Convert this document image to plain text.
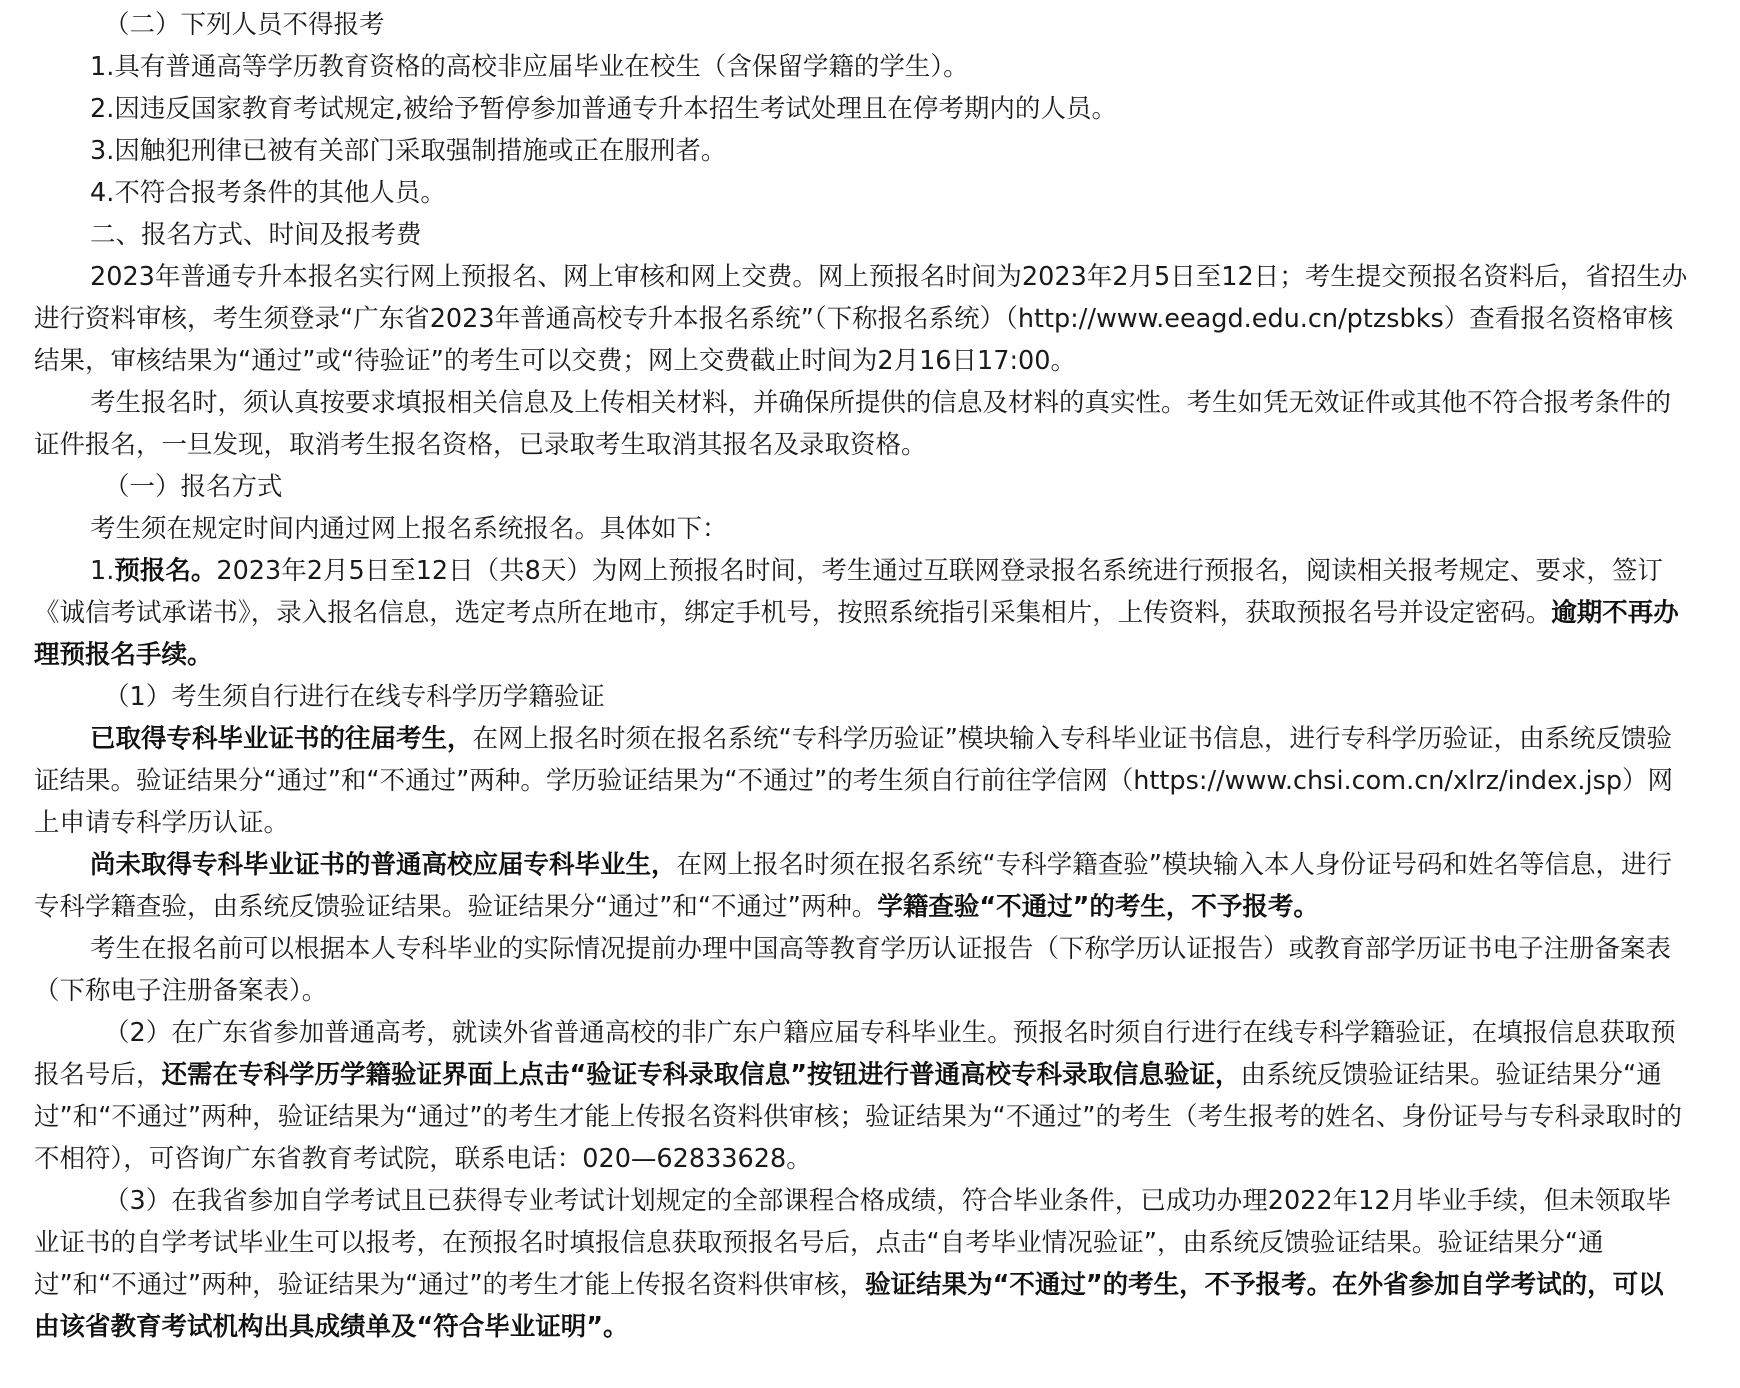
（二）下列人员不得报考

1.具有普通高等学历教育资格的高校非应届毕业在校生（含保留学籍的学生）。

2.因违反国家教育考试规定,被给予暂停参加普通专升本招生考试处理且在停考期内的人员。

3.因触犯刑律已被有关部门采取强制措施或正在服刑者。

4.不符合报考条件的其他人员。

二、报名方式、时间及报考费

2023年普通专升本报名实行网上预报名、网上审核和网上交费。网上预报名时间为2023年2月5日至12日；考生提交预报名资料后，省招生办进行资料审核，考生须登录“广东省2023年普通高校专升本报名系统”（下称报名系统）（http://www.eeagd.edu.cn/ptzsbks）查看报名资格审核结果，审核结果为“通过”或“待验证”的考生可以交费；网上交费截止时间为2月16日17:00。

考生报名时，须认真按要求填报相关信息及上传相关材料，并确保所提供的信息及材料的真实性。考生如凭无效证件或其他不符合报考条件的证件报名，一旦发现，取消考生报名资格，已录取考生取消其报名及录取资格。

（一）报名方式

考生须在规定时间内通过网上报名系统报名。具体如下：

1.预报名。2023年2月5日至12日（共8天）为网上预报名时间，考生通过互联网登录报名系统进行预报名，阅读相关报考规定、要求，签订《诚信考试承诺书》，录入报名信息，选定考点所在地市，绑定手机号，按照系统指引采集相片，上传资料，获取预报名号并设定密码。逾期不再办理预报名手续。

（1）考生须自行进行在线专科学历学籍验证

已取得专科毕业证书的往届考生，在网上报名时须在报名系统“专科学历验证”模块输入专科毕业证书信息，进行专科学历验证，由系统反馈验证结果。验证结果分“通过”和“不通过”两种。学历验证结果为“不通过”的考生须自行前往学信网（https://www.chsi.com.cn/xlrz/index.jsp）网上申请专科学历认证。

尚未取得专科毕业证书的普通高校应届专科毕业生，在网上报名时须在报名系统“专科学籍查验”模块输入本人身份证号码和姓名等信息，进行专科学籍查验，由系统反馈验证结果。验证结果分“通过”和“不通过”两种。学籍查验“不通过”的考生，不予报考。

考生在报名前可以根据本人专科毕业的实际情况提前办理中国高等教育学历认证报告（下称学历认证报告）或教育部学历证书电子注册备案表（下称电子注册备案表）。

（2）在广东省参加普通高考，就读外省普通高校的非广东户籍应届专科毕业生。预报名时须自行进行在线专科学籍验证，在填报信息获取预报名号后，还需在专科学历学籍验证界面上点击“验证专科录取信息”按钮进行普通高校专科录取信息验证，由系统反馈验证结果。验证结果分“通过”和“不通过”两种，验证结果为“通过”的考生才能上传报名资料供审核；验证结果为“不通过”的考生（考生报考的姓名、身份证号与专科录取时的不相符），可咨询广东省教育考试院，联系电话：020—62833628。

（3）在我省参加自学考试且已获得专业考试计划规定的全部课程合格成绩，符合毕业条件，已成功办理2022年12月毕业手续，但未领取毕业证书的自学考试毕业生可以报考，在预报名时填报信息获取预报名号后，点击“自考毕业情况验证”，由系统反馈验证结果。验证结果分“通过”和“不通过”两种，验证结果为“通过”的考生才能上传报名资料供审核，验证结果为“不通过”的考生，不予报考。在外省参加自学考试的，可以由该省教育考试机构出具成绩单及“符合毕业证明”。
